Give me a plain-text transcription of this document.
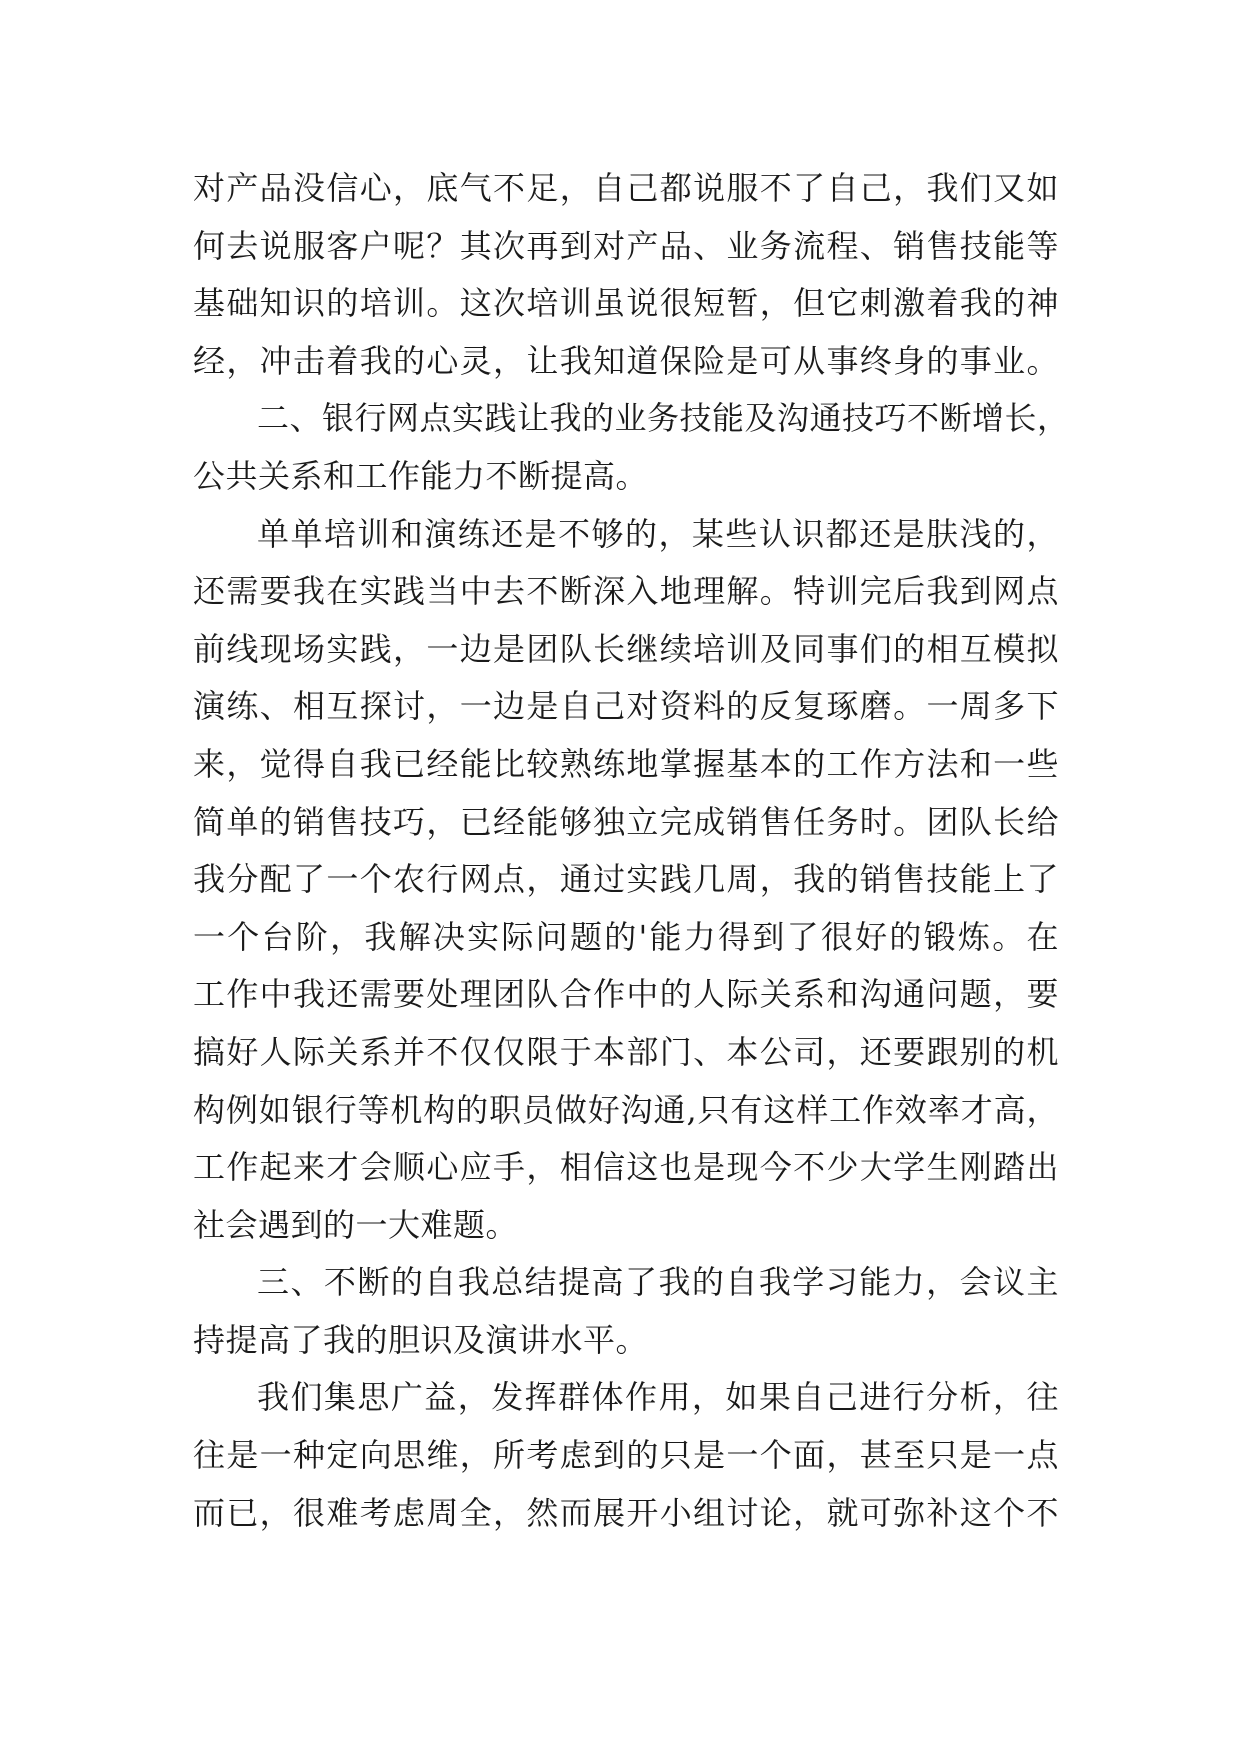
对产品没信心，底气不足，自己都说服不了自己，我们又如
何去说服客户呢？其次再到对产品、业务流程、销售技能等
基础知识的培训。这次培训虽说很短暂，但它刺激着我的神
经，冲击着我的心灵，让我知道保险是可从事终身的事业。
二、银行网点实践让我的业务技能及沟通技巧不断增长，
公共关系和工作能力不断提高。
单单培训和演练还是不够的，某些认识都还是肤浅的，
还需要我在实践当中去不断深入地理解。特训完后我到网点
前线现场实践，一边是团队长继续培训及同事们的相互模拟
演练、相互探讨，一边是自己对资料的反复琢磨。一周多下
来，觉得自我已经能比较熟练地掌握基本的工作方法和一些
简单的销售技巧，已经能够独立完成销售任务时。团队长给
我分配了一个农行网点，通过实践几周，我的销售技能上了
一个台阶，我解决实际问题的'能力得到了很好的锻炼。在
工作中我还需要处理团队合作中的人际关系和沟通问题，要
搞好人际关系并不仅仅限于本部门、本公司，还要跟别的机
构例如银行等机构的职员做好沟通,只有这样工作效率才高，
工作起来才会顺心应手，相信这也是现今不少大学生刚踏出
社会遇到的一大难题。
三、不断的自我总结提高了我的自我学习能力，会议主
持提高了我的胆识及演讲水平。
我们集思广益，发挥群体作用，如果自己进行分析，往
往是一种定向思维，所考虑到的只是一个面，甚至只是一点
而已，很难考虑周全，然而展开小组讨论，就可弥补这个不
